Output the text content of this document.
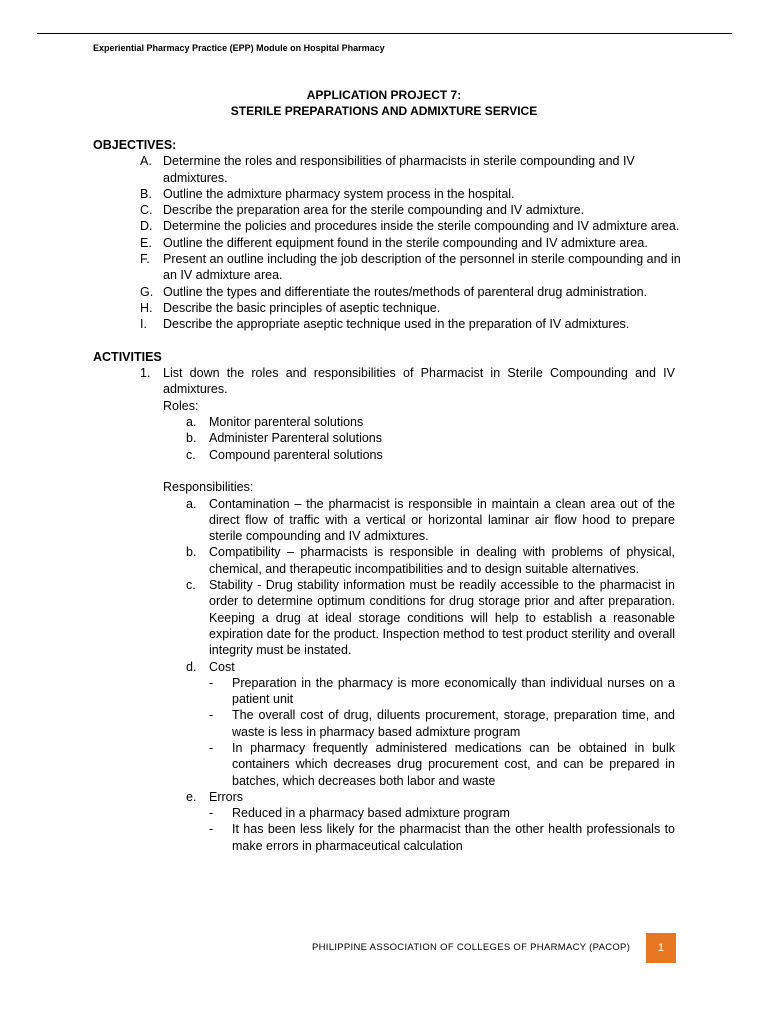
Experiential Pharmacy Practice (EPP) Module on Hospital Pharmacy
APPLICATION PROJECT 7:
STERILE PREPARATIONS AND ADMIXTURE SERVICE
OBJECTIVES:
A. Determine the roles and responsibilities of pharmacists in sterile compounding and IV admixtures.
B. Outline the admixture pharmacy system process in the hospital.
C. Describe the preparation area for the sterile compounding and IV admixture.
D. Determine the policies and procedures inside the sterile compounding and IV admixture area.
E. Outline the different equipment found in the sterile compounding and IV admixture area.
F. Present an outline including the job description of the personnel in sterile compounding and in an IV admixture area.
G. Outline the types and differentiate the routes/methods of parenteral drug administration.
H. Describe the basic principles of aseptic technique.
I. Describe the appropriate aseptic technique used in the preparation of IV admixtures.
ACTIVITIES
1. List down the roles and responsibilities of Pharmacist in Sterile Compounding and IV admixtures.
Roles:
a. Monitor parenteral solutions
b. Administer Parenteral solutions
c. Compound parenteral solutions
Responsibilities:
a. Contamination – the pharmacist is responsible in maintain a clean area out of the direct flow of traffic with a vertical or horizontal laminar air flow hood to prepare sterile compounding and IV admixtures.
b. Compatibility – pharmacists is responsible in dealing with problems of physical, chemical, and therapeutic incompatibilities and to design suitable alternatives.
c. Stability - Drug stability information must be readily accessible to the pharmacist in order to determine optimum conditions for drug storage prior and after preparation. Keeping a drug at ideal storage conditions will help to establish a reasonable expiration date for the product. Inspection method to test product sterility and overall integrity must be instated.
d. Cost
- Preparation in the pharmacy is more economically than individual nurses on a patient unit
- The overall cost of drug, diluents procurement, storage, preparation time, and waste is less in pharmacy based admixture program
- In pharmacy frequently administered medications can be obtained in bulk containers which decreases drug procurement cost, and can be prepared in batches, which decreases both labor and waste
e. Errors
- Reduced in a pharmacy based admixture program
- It has been less likely for the pharmacist than the other health professionals to make errors in pharmaceutical calculation
PHILIPPINE ASSOCIATION OF COLLEGES OF PHARMACY (PACOP)	1
